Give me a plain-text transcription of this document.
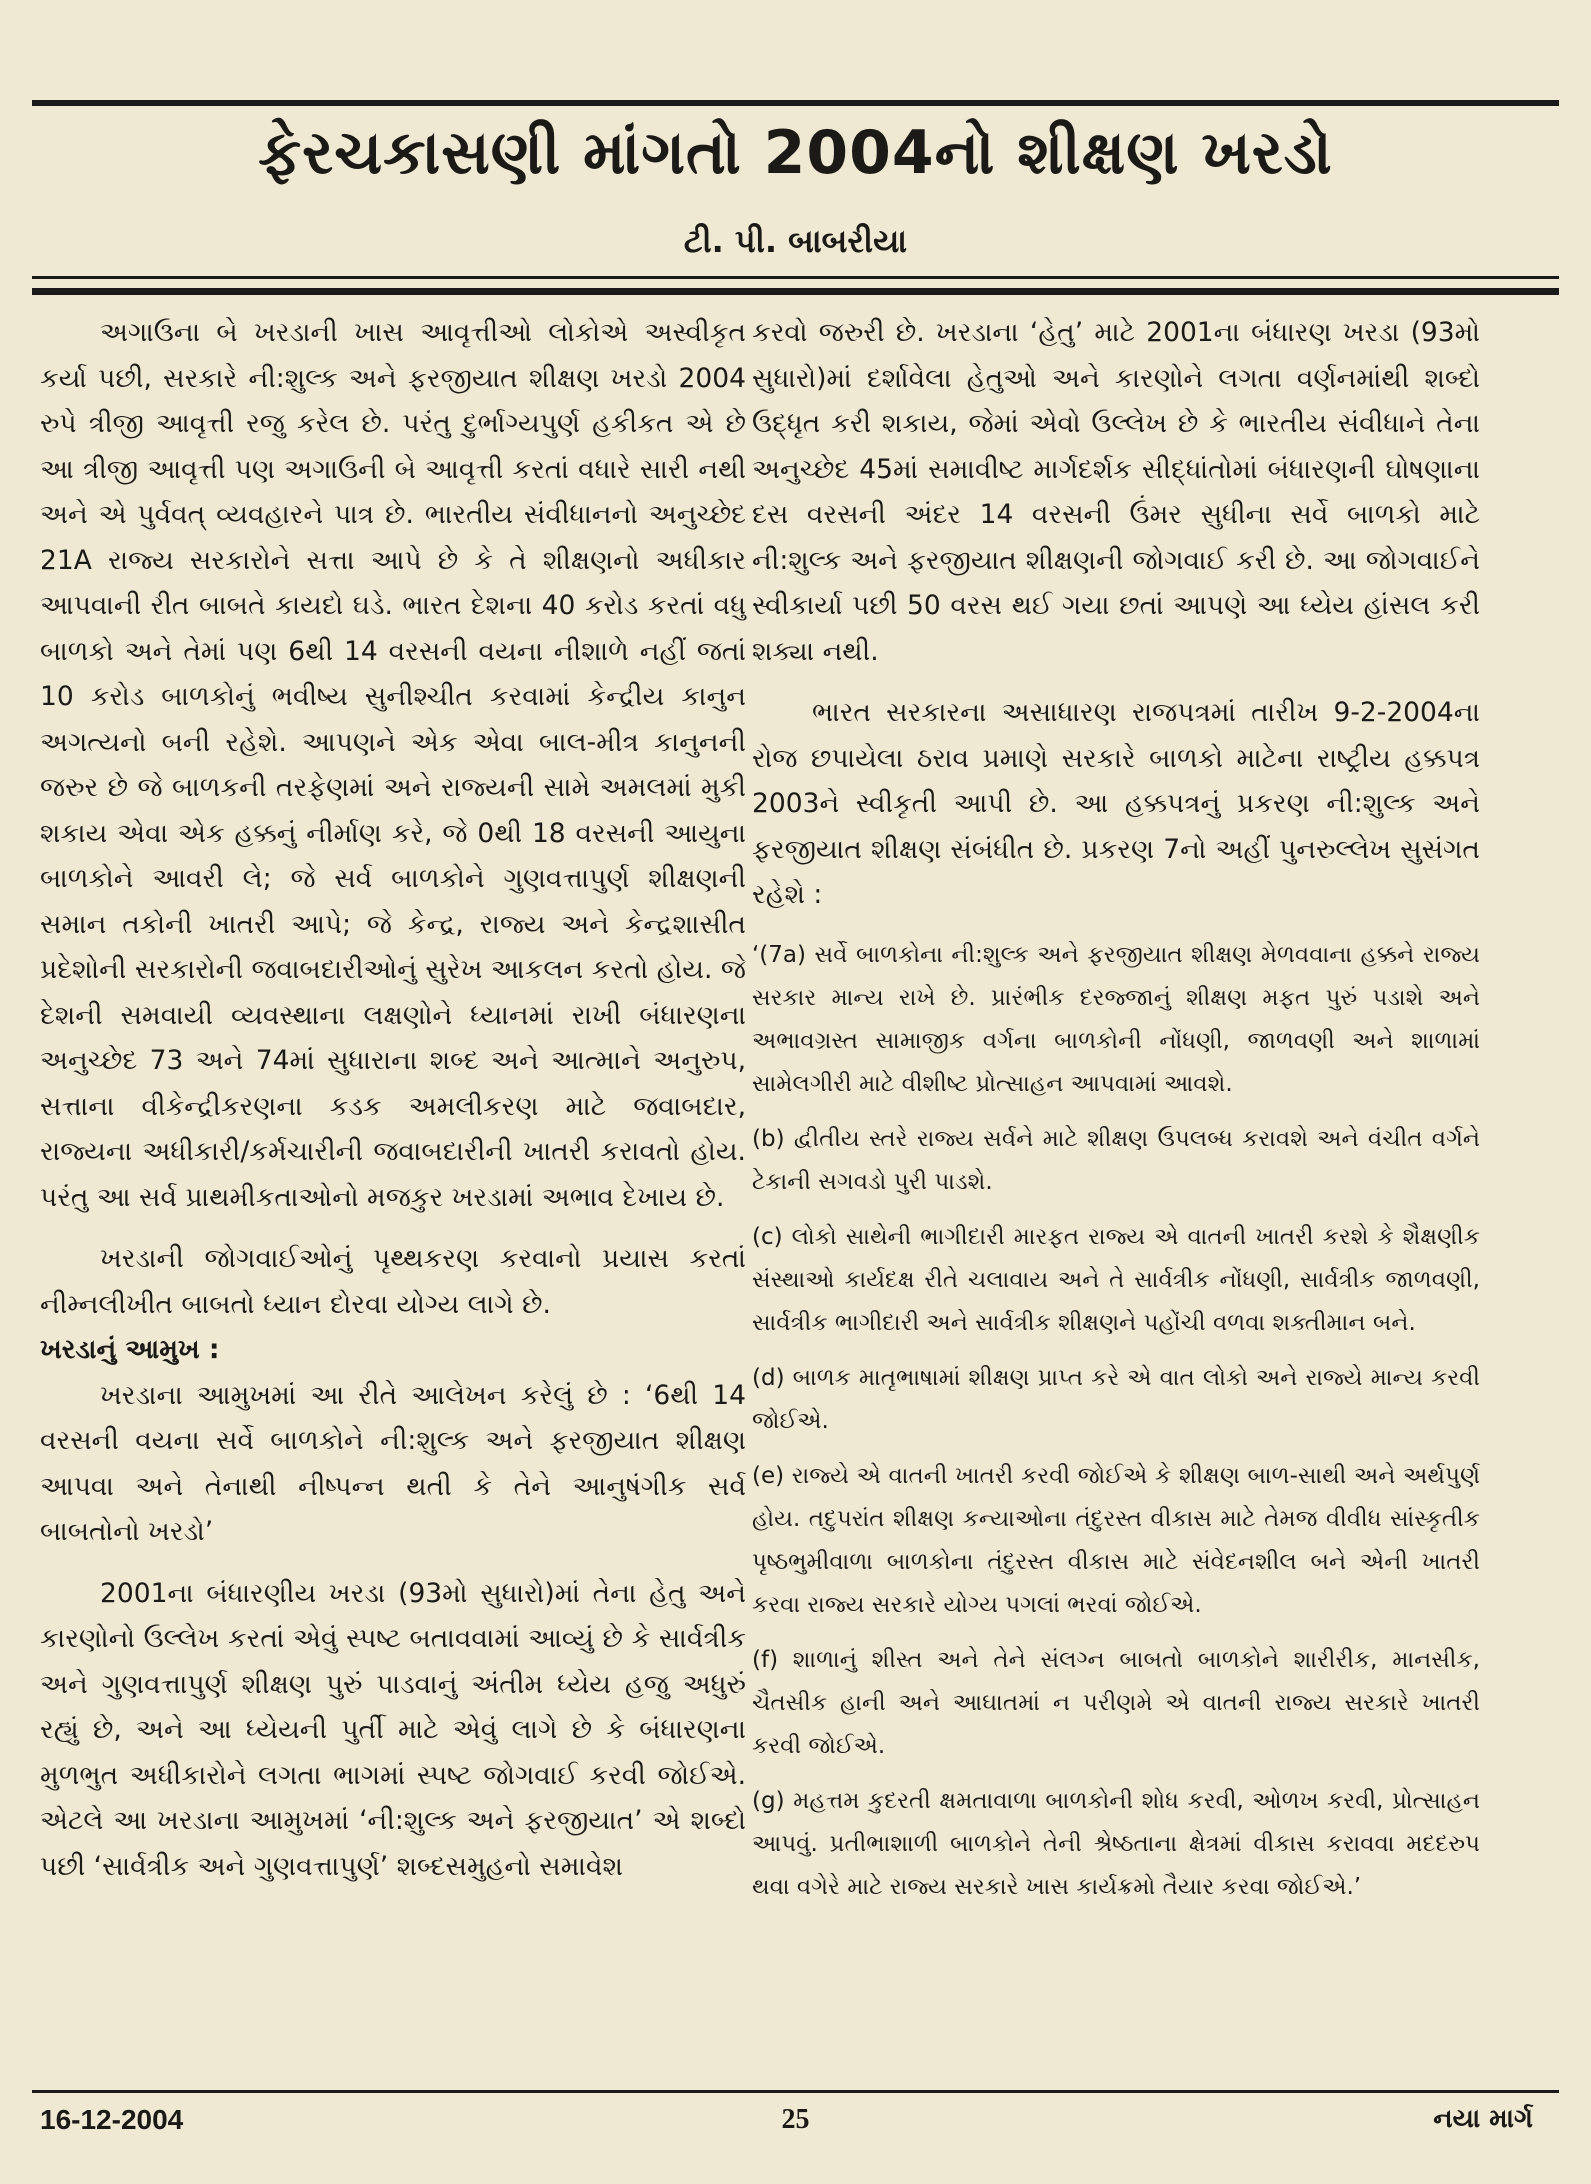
ફેરચકાસણી માંગતો 2004નો શીક્ષણ ખરડો
ટી. પી. બાબરીયા

અગાઉના બે ખરડાની ખાસ આવૃત્તીઓ લોકોએ અસ્વીકૃત કર્યા પછી, સરકારે ની:શુલ્ક અને ફરજીયાત શીક્ષણ ખરડો 2004 રુપે ત્રીજી આવૃત્તી રજુ કરેલ છે. પરંતુ દુર્ભાગ્યપુર્ણ હકીકત એ છે આ ત્રીજી આવૃત્તી પણ અગાઉની બે આવૃત્તી કરતાં વધારે સારી નથી અને એ પુર્વવત્ વ્યવહારને પાત્ર છે. ભારતીય સંવીધાનનો અનુચ્છેદ 21A રાજ્ય સરકારોને સત્તા આપે છે કે તે શીક્ષણનો અધીકાર આપવાની રીત બાબતે કાયદો ઘડે. ભારત દેશના 40 કરોડ કરતાં વધુ બાળકો અને તેમાં પણ 6થી 14 વરસની વયના નીશાળે નહીં જતાં 10 કરોડ બાળકોનું ભવીષ્ય સુનીશ્ચીત કરવામાં કેન્દ્રીય કાનુન અગત્યનો બની રહેશે. આપણને એક એવા બાલ-મીત્ર કાનુનની જરુર છે જે બાળકની તરફેણમાં અને રાજ્યની સામે અમલમાં મુકી શકાય એવા એક હક્કનું નીર્માણ કરે, જે 0થી 18 વરસની આયુના બાળકોને આવરી લે; જે સર્વ બાળકોને ગુણવત્તાપુર્ણ શીક્ષણની સમાન તકોની ખાતરી આપે; જે કેન્દ્ર, રાજ્ય અને કેન્દ્રશાસીત પ્રદેશોની સરકારોની જવાબદારીઓનું સુરેખ આકલન કરતો હોય. જે દેશની સમવાયી વ્યવસ્થાના લક્ષણોને ધ્યાનમાં રાખી બંધારણના અનુચ્છેદ 73 અને 74માં સુધારાના શબ્દ અને આત્માને અનુરુપ, સત્તાના વીકેન્દ્રીકરણના કડક અમલીકરણ માટે જવાબદાર, રાજ્યના અધીકારી/કર્મચારીની જવાબદારીની ખાતરી કરાવતો હોય. પરંતુ આ સર્વ પ્રાથમીકતાઓનો મજકુર ખરડામાં અભાવ દેખાય છે.

ખરડાની જોગવાઈઓનું પૃથ્થકરણ કરવાનો પ્રયાસ કરતાં નીમ્નલીખીત બાબતો ધ્યાન દોરવા યોગ્ય લાગે છે.

ખરડાનું આમુખ :

ખરડાના આમુખમાં આ રીતે આલેખન કરેલું છે : ‘6થી 14 વરસની વયના સર્વે બાળકોને ની:શુલ્ક અને ફરજીયાત શીક્ષણ આપવા અને તેનાથી નીષ્પન્ન થતી કે તેને આનુષંગીક સર્વ બાબતોનો ખરડો’

2001ના બંધારણીય ખરડા (93મો સુધારો)માં તેના હેતુ અને કારણોનો ઉલ્લેખ કરતાં એવું સ્પષ્ટ બતાવવામાં આવ્યું છે કે સાર્વત્રીક અને ગુણવત્તાપુર્ણ શીક્ષણ પુરું પાડવાનું અંતીમ ધ્યેય હજુ અધુરું રહ્યું છે, અને આ ધ્યેયની પુર્તી માટે એવું લાગે છે કે બંધારણના મુળભુત અધીકારોને લગતા ભાગમાં સ્પષ્ટ જોગવાઈ કરવી જોઈએ. એટલે આ ખરડાના આમુખમાં ‘ની:શુલ્ક અને ફરજીયાત’ એ શબ્દો પછી ‘સાર્વત્રીક અને ગુણવત્તાપુર્ણ’ શબ્દસમુહનો સમાવેશ

કરવો જરુરી છે. ખરડાના ‘હેતુ’ માટે 2001ના બંધારણ ખરડા (93મો સુધારો)માં દર્શાવેલા હેતુઓ અને કારણોને લગતા વર્ણનમાંથી શબ્દો ઉદ્ધૃત કરી શકાય, જેમાં એવો ઉલ્લેખ છે કે ભારતીય સંવીધાને તેના અનુચ્છેદ 45માં સમાવીષ્ટ માર્ગદર્શક સીદ્ધાંતોમાં બંધારણની ઘોષણાના દસ વરસની અંદર 14 વરસની ઉંમર સુધીના સર્વે બાળકો માટે ની:શુલ્ક અને ફરજીયાત શીક્ષણની જોગવાઈ કરી છે. આ જોગવાઈને સ્વીકાર્યા પછી 50 વરસ થઈ ગયા છતાં આપણે આ ધ્યેય હાંસલ કરી શક્યા નથી.

ભારત સરકારના અસાધારણ રાજપત્રમાં તારીખ 9-2-2004ના રોજ છપાયેલા ઠરાવ પ્રમાણે સરકારે બાળકો માટેના રાષ્ટ્રીય હક્કપત્ર 2003ને સ્વીકૃતી આપી છે. આ હક્કપત્રનું પ્રકરણ ની:શુલ્ક અને ફરજીયાત શીક્ષણ સંબંધીત છે. પ્રકરણ 7નો અહીં પુનરુલ્લેખ સુસંગત રહેશે :

‘(7a) સર્વે બાળકોના ની:શુલ્ક અને ફરજીયાત શીક્ષણ મેળવવાના હક્કને રાજ્ય સરકાર માન્ય રાખે છે. પ્રારંભીક દરજ્જાનું શીક્ષણ મફત પુરું પડાશે અને અભાવગ્રસ્ત સામાજીક વર્ગના બાળકોની નોંધણી, જાળવણી અને શાળામાં સામેલગીરી માટે વીશીષ્ટ પ્રોત્સાહન આપવામાં આવશે.

(b) દ્વીતીય સ્તરે રાજ્ય સર્વને માટે શીક્ષણ ઉપલબ્ધ કરાવશે અને વંચીત વર્ગને ટેકાની સગવડો પુરી પાડશે.

(c) લોકો સાથેની ભાગીદારી મારફત રાજ્ય એ વાતની ખાતરી કરશે કે શૈક્ષણીક સંસ્થાઓ કાર્યદક્ષ રીતે ચલાવાય અને તે સાર્વત્રીક નોંધણી, સાર્વત્રીક જાળવણી, સાર્વત્રીક ભાગીદારી અને સાર્વત્રીક શીક્ષણને પહોંચી વળવા શક્તીમાન બને.

(d) બાળક માતૃભાષામાં શીક્ષણ પ્રાપ્ત કરે એ વાત લોકો અને રાજ્યે માન્ય કરવી જોઈએ.

(e) રાજ્યે એ વાતની ખાતરી કરવી જોઈએ કે શીક્ષણ બાળ-સાથી અને અર્થપુર્ણ હોય. તદુપરાંત શીક્ષણ કન્યાઓના તંદુરસ્ત વીકાસ માટે તેમજ વીવીધ સાંસ્કૃતીક પૃષ્ઠભુમીવાળા બાળકોના તંદુરસ્ત વીકાસ માટે સંવેદનશીલ બને એની ખાતરી કરવા રાજ્ય સરકારે યોગ્ય પગલાં ભરવાં જોઈએ.

(f) શાળાનું શીસ્ત અને તેને સંલગ્ન બાબતો બાળકોને શારીરીક, માનસીક, ચૈતસીક હાની અને આઘાતમાં ન પરીણમે એ વાતની રાજ્ય સરકારે ખાતરી કરવી જોઈએ.

(g) મહત્તમ કુદરતી ક્ષમતાવાળા બાળકોની શોધ કરવી, ઓળખ કરવી, પ્રોત્સાહન આપવું. પ્રતીભાશાળી બાળકોને તેની શ્રેષ્ઠતાના ક્ષેત્રમાં વીકાસ કરાવવા મદદરુપ થવા વગેરે માટે રાજ્ય સરકારે ખાસ કાર્યક્રમો તૈયાર કરવા જોઈએ.’

16-12-2004	25	નયા માર્ગ
